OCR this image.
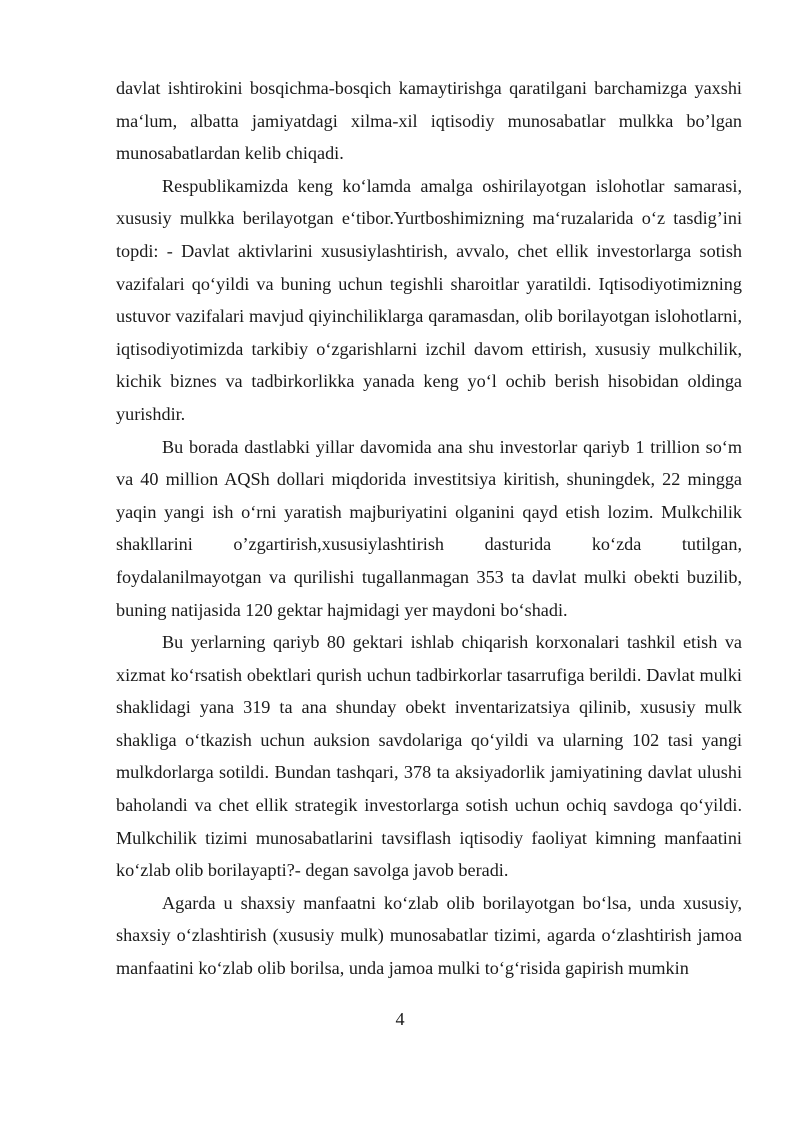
davlat ishtirokini bosqichma-bosqich kamaytirishga qaratilgani barchamizga yaxshi maʻlum, albatta jamiyatdagi xilma-xil iqtisodiy munosabatlar mulkka bo’lgan munosabatlardan kelib chiqadi.

Respublikamizda keng koʻlamda amalga oshirilayotgan islohotlar samarasi, xususiy mulkka berilayotgan eʻtibor.Yurtboshimizning maʻruzalarida oʻz tasdig’ini topdi: - Davlat aktivlarini xususiylashtirish, avvalo, chet ellik investorlarga sotish vazifalari qoʻyildi va buning uchun tegishli sharoitlar yaratildi. Iqtisodiyotimizning ustuvor vazifalari mavjud qiyinchiliklarga qaramasdan, olib borilayotgan islohotlarni, iqtisodiyotimizda tarkibiy oʻzgarishlarni izchil davom ettirish, xususiy mulkchilik, kichik biznes va tadbirkorlikka yanada keng yoʻl ochib berish hisobidan oldinga yurishdir.

Bu borada dastlabki yillar davomida ana shu investorlar qariyb 1 trillion soʻm va 40 million AQSh dollari miqdorida investitsiya kiritish, shuningdek, 22 mingga yaqin yangi ish oʻrni yaratish majburiyatini olganini qayd etish lozim. Mulkchilik shakllarini o’zgartirish,xususiylashtirish dasturida koʻzda tutilgan, foydalanilmayotgan va qurilishi tugallanmagan 353 ta davlat mulki obekti buzilib, buning natijasida 120 gektar hajmidagi yer maydoni boʻshadi.

Bu yerlarning qariyb 80 gektari ishlab chiqarish korxonalari tashkil etish va xizmat koʻrsatish obektlari qurish uchun tadbirkorlar tasarrufiga berildi. Davlat mulki shaklidagi yana 319 ta ana shunday obekt inventarizatsiya qilinib, xususiy mulk shakliga oʻtkazish uchun auksion savdolariga qoʻyildi va ularning 102 tasi yangi mulkdorlarga sotildi. Bundan tashqari, 378 ta aksiyadorlik jamiyatining davlat ulushi baholandi va chet ellik strategik investorlarga sotish uchun ochiq savdoga qoʻyildi. Mulkchilik tizimi munosabatlarini tavsiflash iqtisodiy faoliyat kimning manfaatini koʻzlab olib borilayapti?- degan savolga javob beradi.

Agarda u shaxsiy manfaatni koʻzlab olib borilayotgan boʻlsa, unda xususiy, shaxsiy oʻzlashtirish (xususiy mulk) munosabatlar tizimi, agarda oʻzlashtirish jamoa manfaatini koʻzlab olib borilsa, unda jamoa mulki toʻgʻrisida gapirish mumkin

4
